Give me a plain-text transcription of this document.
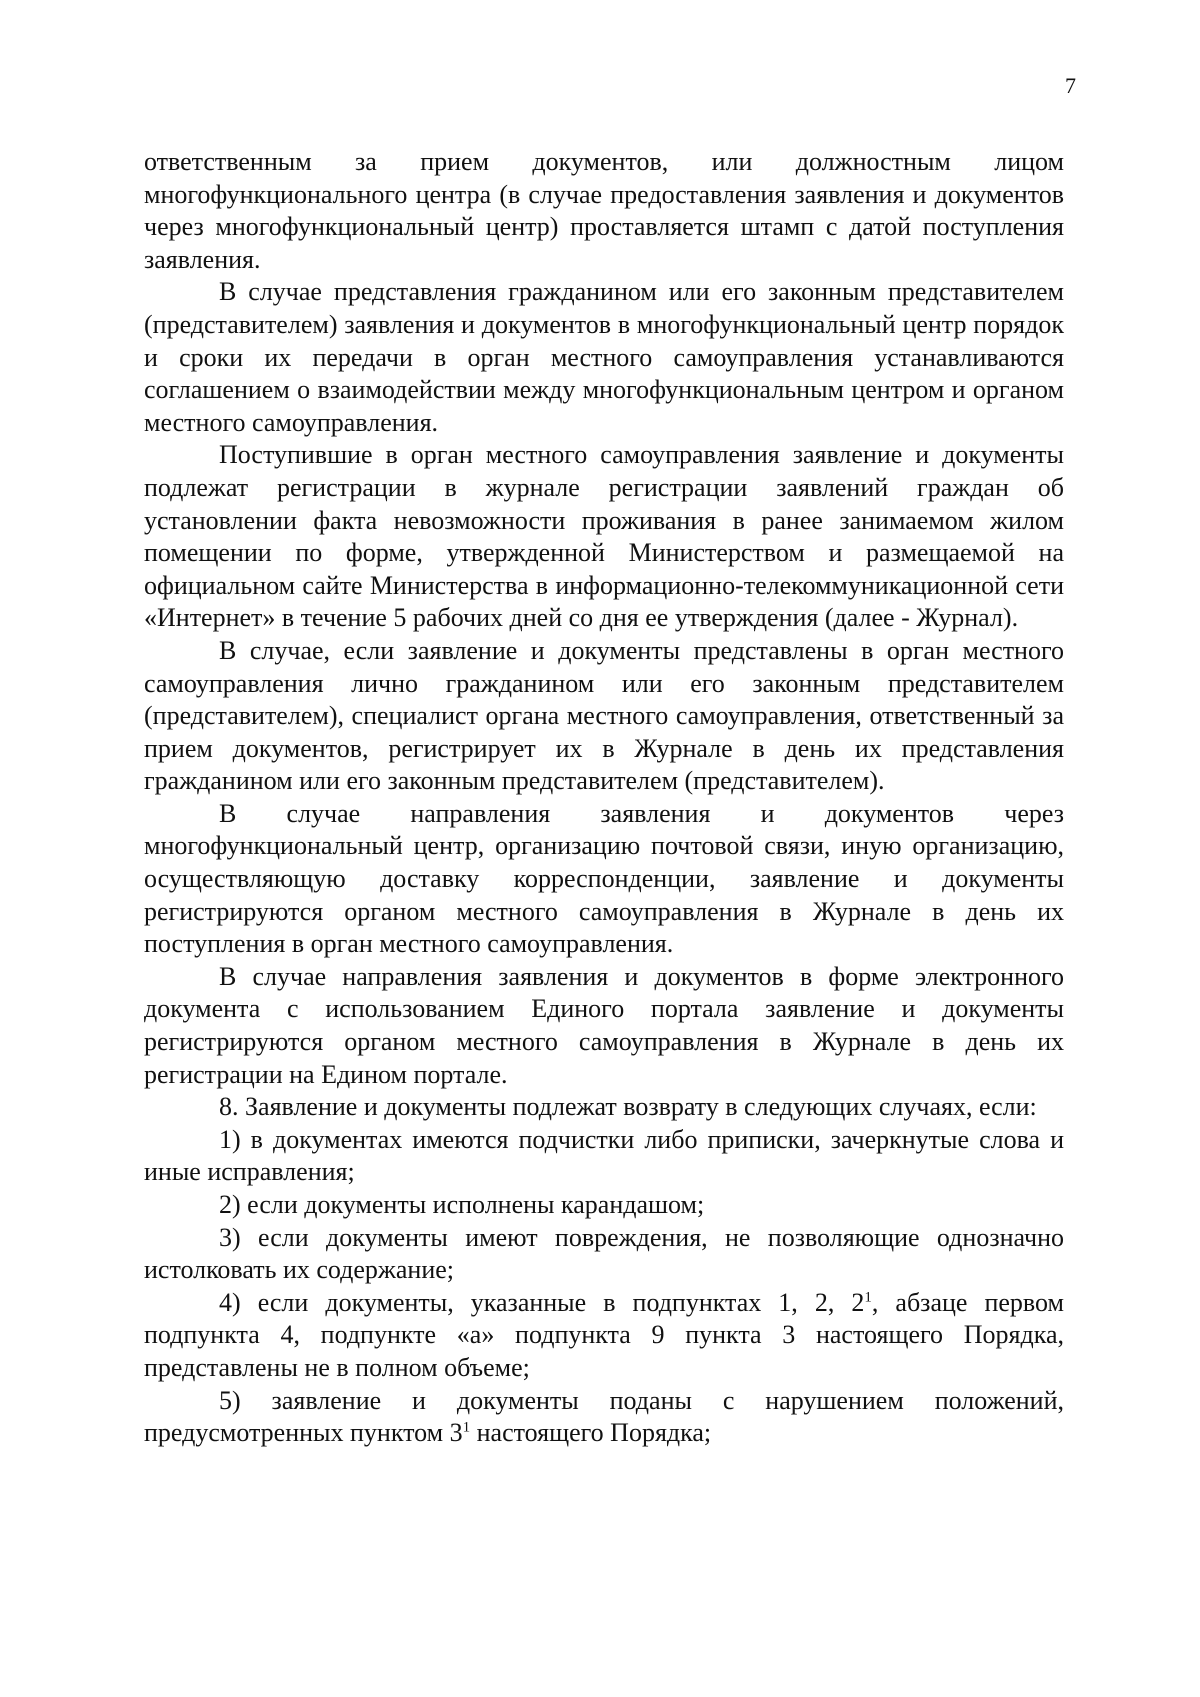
7

ответственным за прием документов, или должностным лицом многофункционального центра (в случае предоставления заявления и документов через многофункциональный центр) проставляется штамп с датой поступления заявления.

В случае представления гражданином или его законным представителем (представителем) заявления и документов в многофункциональный центр порядок и сроки их передачи в орган местного самоуправления устанавливаются соглашением о взаимодействии между многофункциональным центром и органом местного самоуправления.

Поступившие в орган местного самоуправления заявление и документы подлежат регистрации в журнале регистрации заявлений граждан об установлении факта невозможности проживания в ранее занимаемом жилом помещении по форме, утвержденной Министерством и размещаемой на официальном сайте Министерства в информационно-телекоммуникационной сети «Интернет» в течение 5 рабочих дней со дня ее утверждения (далее - Журнал).

В случае, если заявление и документы представлены в орган местного самоуправления лично гражданином или его законным представителем (представителем), специалист органа местного самоуправления, ответственный за прием документов, регистрирует их в Журнале в день их представления гражданином или его законным представителем (представителем).

В случае направления заявления и документов через многофункциональный центр, организацию почтовой связи, иную организацию, осуществляющую доставку корреспонденции, заявление и документы регистрируются органом местного самоуправления в Журнале в день их поступления в орган местного самоуправления.

В случае направления заявления и документов в форме электронного документа с использованием Единого портала заявление и документы регистрируются органом местного самоуправления в Журнале в день их регистрации на Едином портале.

8. Заявление и документы подлежат возврату в следующих случаях, если:

1) в документах имеются подчистки либо приписки, зачеркнутые слова и иные исправления;

2) если документы исполнены карандашом;

3) если документы имеют повреждения, не позволяющие однозначно истолковать их содержание;

4) если документы, указанные в подпунктах 1, 2, $2^1$, абзаце первом подпункта 4, подпункте «а» подпункта 9 пункта 3 настоящего Порядка, представлены не в полном объеме;

5) заявление и документы поданы с нарушением положений, предусмотренных пунктом $3^1$ настоящего Порядка;
